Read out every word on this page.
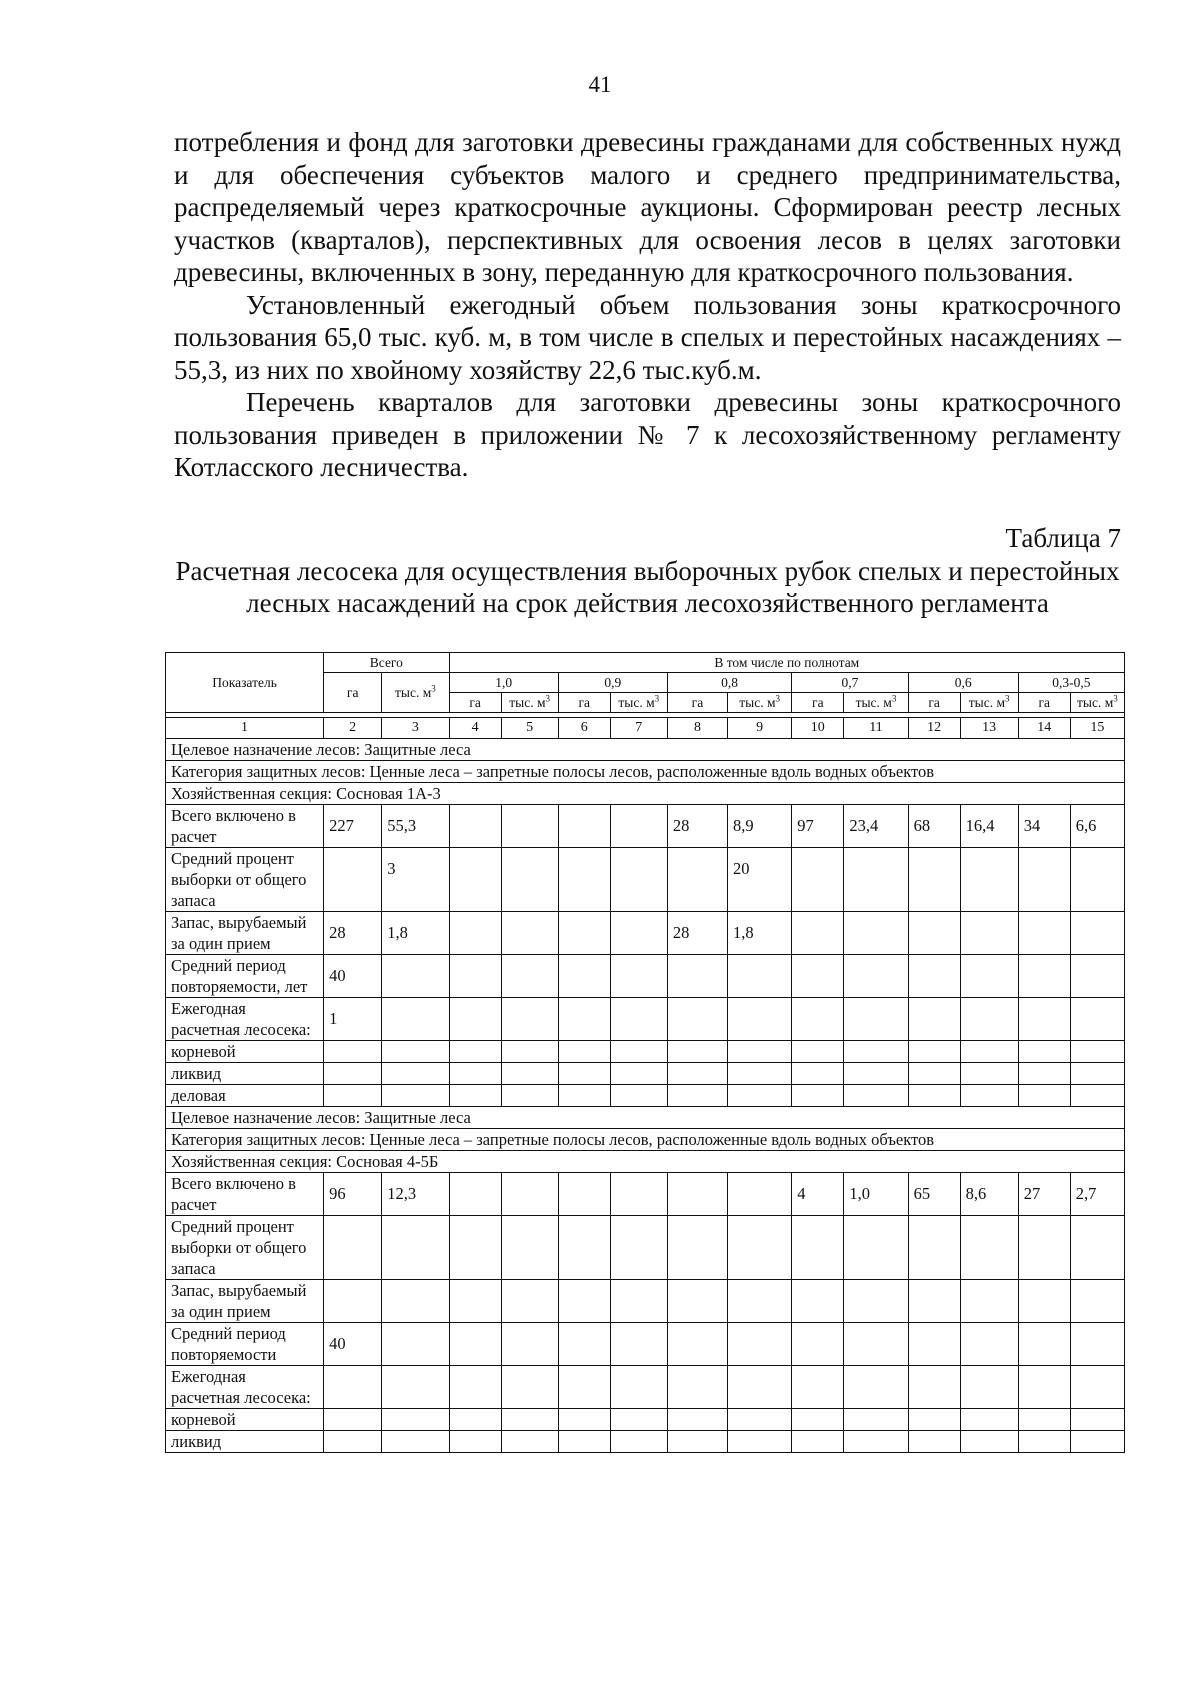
41

потребления и фонд для заготовки древесины гражданами для собственных нужд и для обеспечения субъектов малого и среднего предпринимательства, распределяемый через краткосрочные аукционы. Сформирован реестр лесных участков (кварталов), перспективных для освоения лесов в целях заготовки древесины, включенных в зону, переданную для краткосрочного пользования.

Установленный ежегодный объем пользования зоны краткосрочного пользования 65,0 тыс. куб. м, в том числе в спелых и перестойных насаждениях – 55,3, из них по хвойному хозяйству 22,6 тыс.куб.м.

Перечень кварталов для заготовки древесины зоны краткосрочного пользования приведен в приложении № 7 к лесохозяйственному регламенту Котласского лесничества.

Таблица 7
Расчетная лесосека для осуществления выборочных рубок спелых и перестойных лесных насаждений на срок действия лесохозяйственного регламента
Показатель	Всего		В том числе по полнотам											
	га	тыс. $м^3$	1,0		0,9		0,8		0,7		0,6		0,3-0,5	
			га	тыс. $м^3$	га	тыс. $м^3$	га	тыс. $м^3$	га	тыс. $м^3$	га	тыс. $м^3$	га	тыс. $м^3$

1	2	3	4	5	6	7	8	9	10	11	12	13	14	15
Целевое назначение лесов: Защитные леса														
Категория защитных лесов: Ценные леса – запретные полосы лесов, расположенные вдоль водных объектов														
Хозяйственная секция: Сосновая 1А-3														
Всего включено в расчет	227	55,3					28	8,9	97	23,4	68	16,4	34	6,6
Средний процент выборки от общего запаса		3						20						
Запас, вырубаемый за один прием	28	1,8					28	1,8						
Средний период повторяемости, лет	40													
Ежегодная расчетная лесосека:	1													
корневой														
ликвид														
деловая														
Целевое назначение лесов: Защитные леса														
Категория защитных лесов: Ценные леса – запретные полосы лесов, расположенные вдоль водных объектов														
Хозяйственная секция: Сосновая 4-5Б														
Всего включено в расчет	96	12,3							4	1,0	65	8,6	27	2,7
Средний процент выборки от общего запаса														
Запас, вырубаемый за один прием														
Средний период повторяемости	40													
Ежегодная расчетная лесосека:														
корневой														
ликвид														
